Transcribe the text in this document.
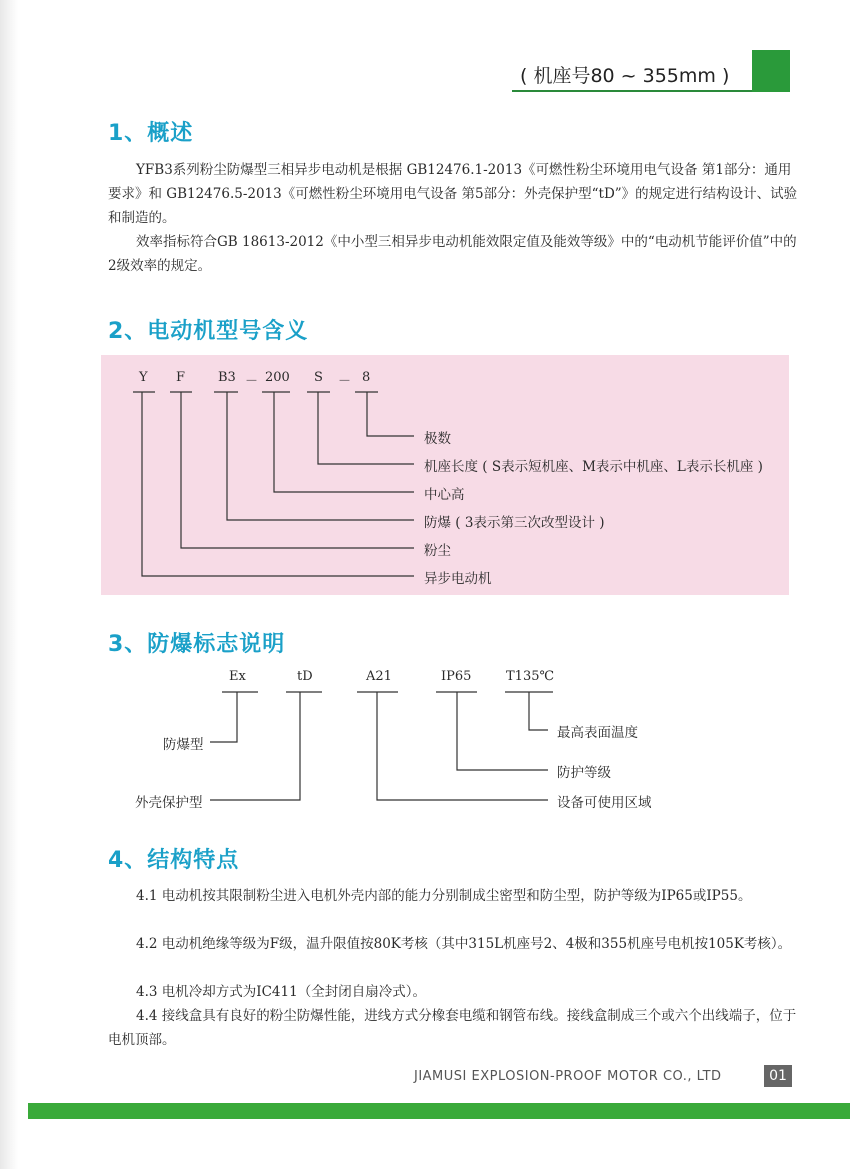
( 机座号80 ~ 355mm )
1、概述

YFB3系列粉尘防爆型三相异步电动机是根据 GB12476.1-2013《可燃性粉尘环境用电气设备 第1部分：通用要求》和 GB12476.5-2013《可燃性粉尘环境用电气设备 第5部分：外壳保护型“tD”》的规定进行结构设计、试验和制造的。

效率指标符合GB 18613-2012《中小型三相异步电动机能效限定值及能效等级》中的“电动机节能评价值”中的2级效率的规定。

2、电动机型号含义
Y F	B3 － 200 S － 8
极数
机座长度 ( S表示短机座、M表示中机座、L表示长机座 )
中心高
防爆 ( 3表示第三次改型设计 )
粉尘
异步电动机
3、防爆标志说明
Ex	tD	A21	IP65	T135℃
最高表面温度
防护等级
设备可使用区域
防爆型
外壳保护型
4、结构特点

4.1 电动机按其限制粉尘进入电机外壳内部的能力分别制成尘密型和防尘型，防护等级为IP65或IP55。

4.2 电动机绝缘等级为F级，温升限值按80K考核（其中315L机座号2、4极和355机座号电机按105K考核）。

4.3 电机冷却方式为IC411（全封闭自扇冷式）。

4.4 接线盒具有良好的粉尘防爆性能，进线方式分橡套电缆和钢管布线。接线盒制成三个或六个出线端子，位于电机顶部。

JIAMUSI EXPLOSION-PROOF MOTOR CO., LTD	01
